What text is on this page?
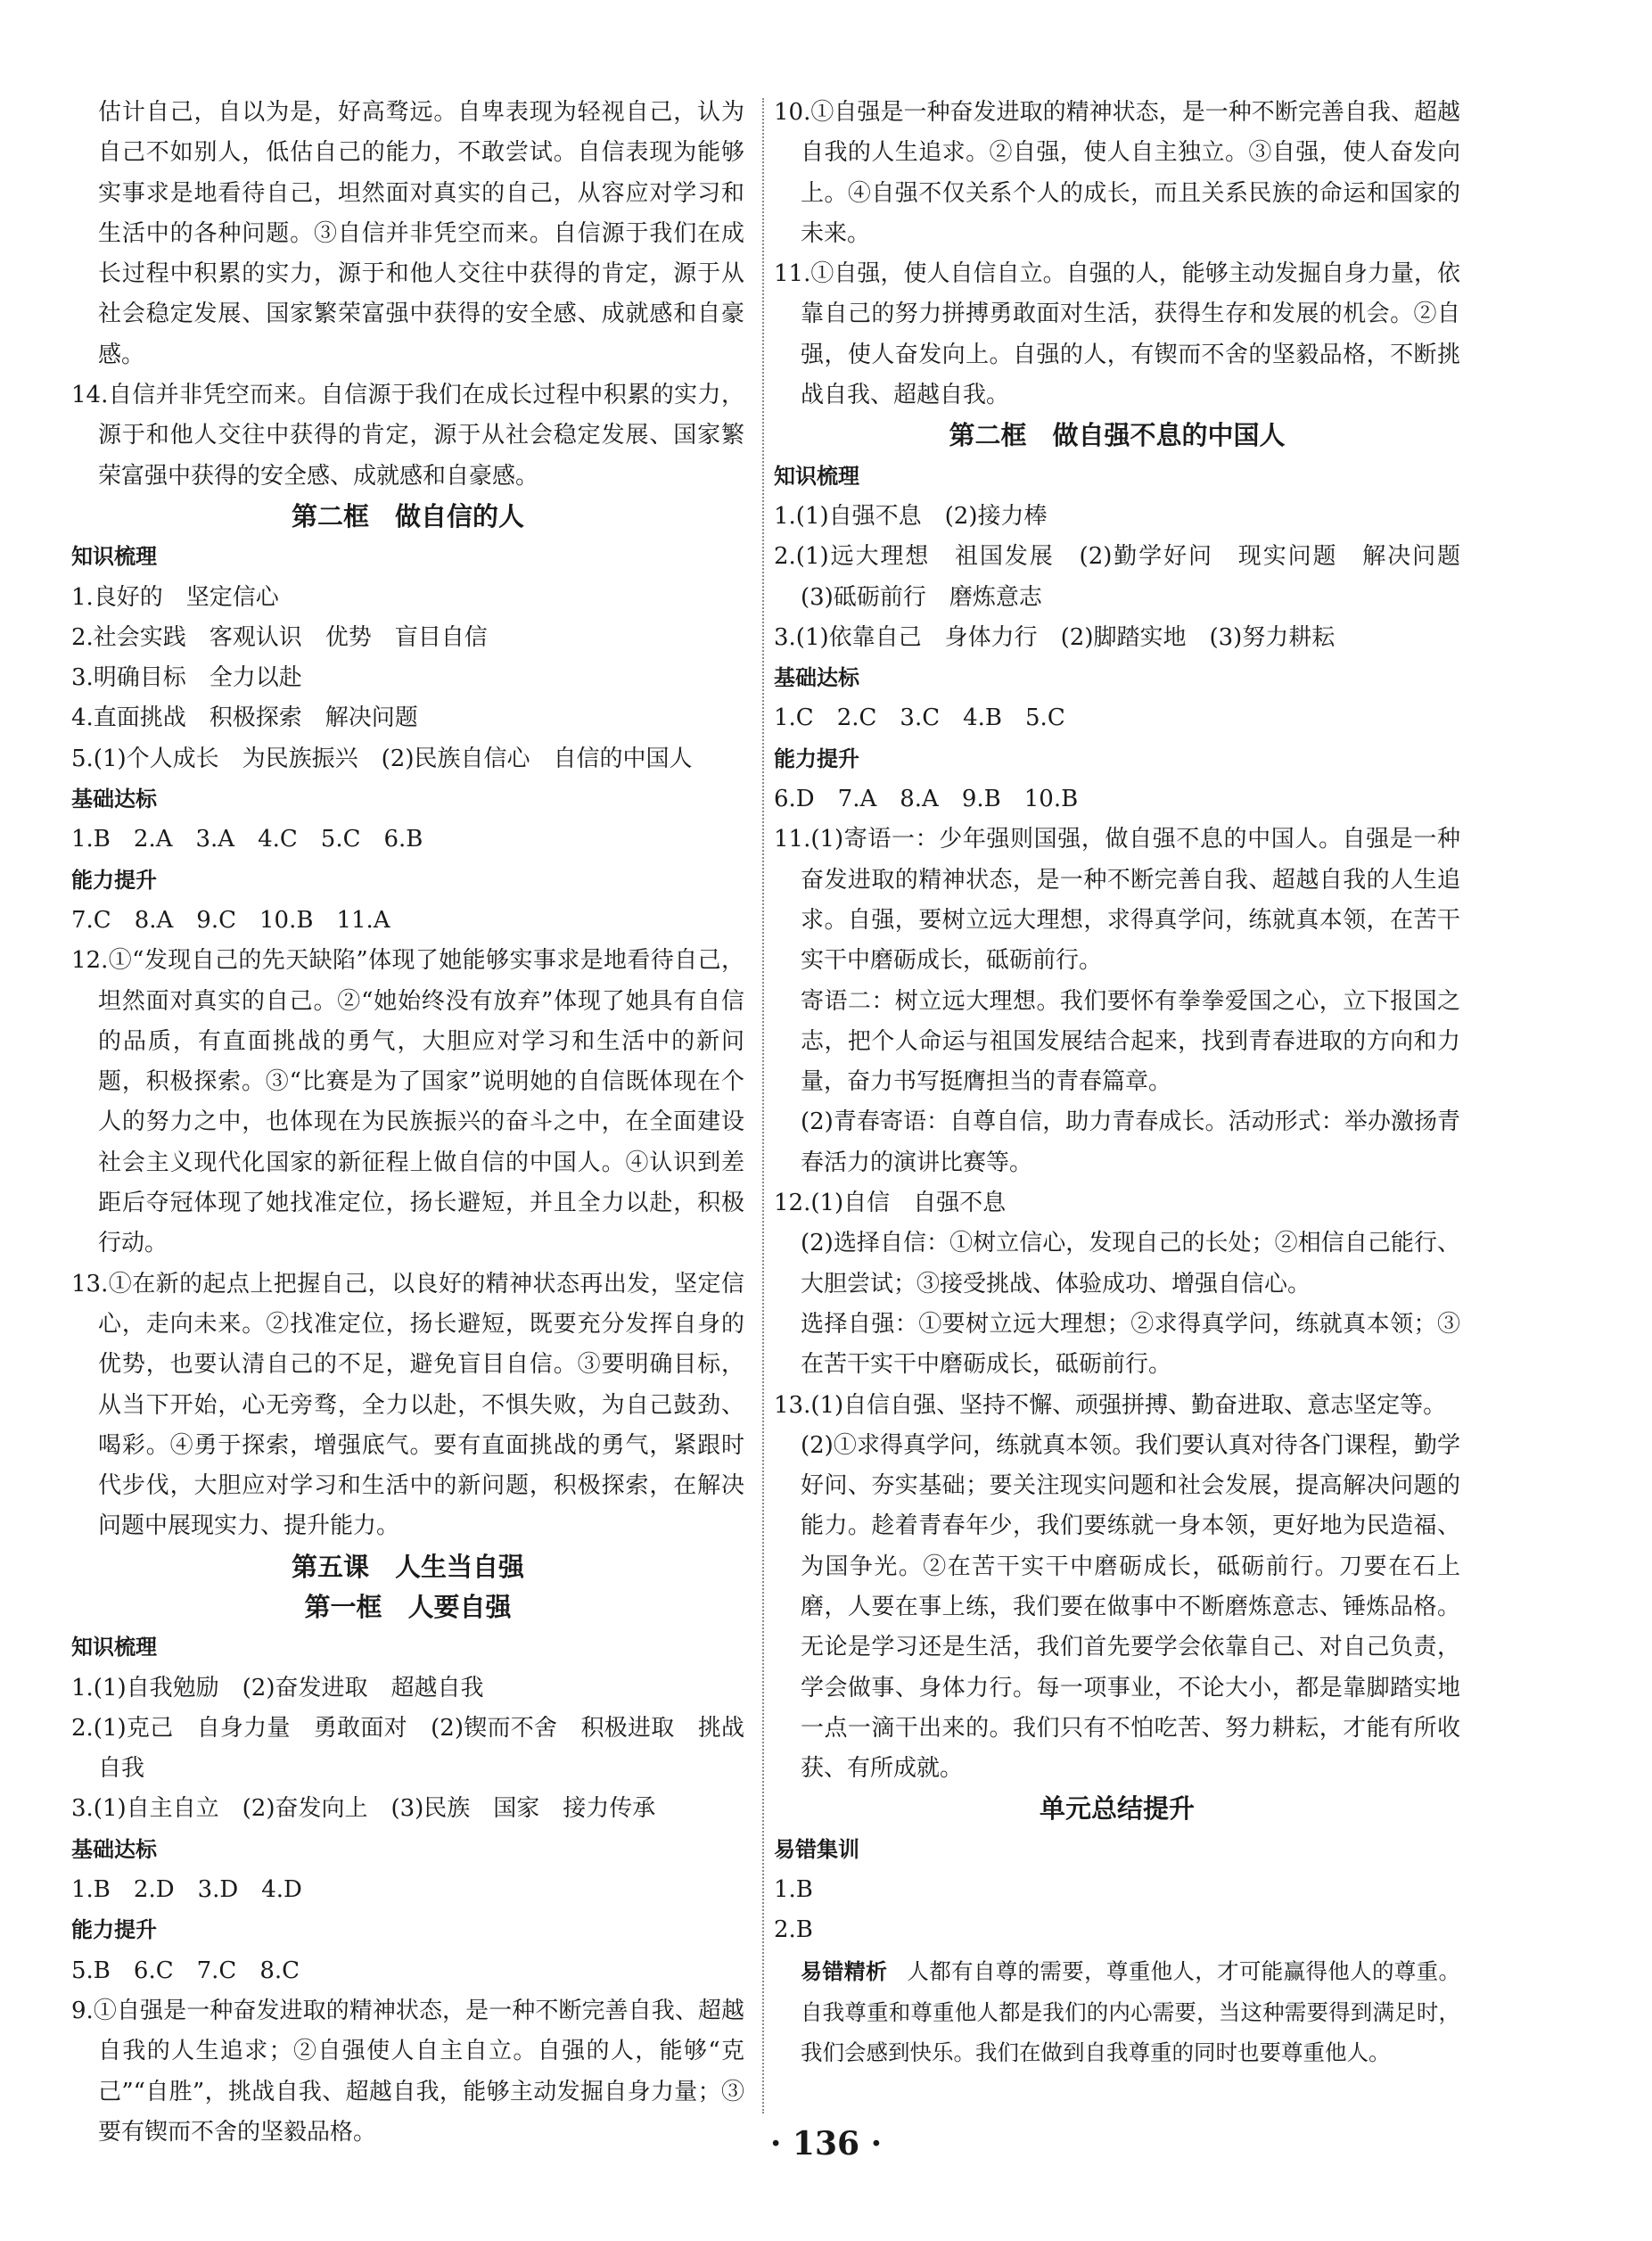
估计自己，自以为是，好高骛远。自卑表现为轻视自己，认为自己不如别人，低估自己的能力，不敢尝试。自信表现为能够实事求是地看待自己，坦然面对真实的自己，从容应对学习和生活中的各种问题。③自信并非凭空而来。自信源于我们在成长过程中积累的实力，源于和他人交往中获得的肯定，源于从社会稳定发展、国家繁荣富强中获得的安全感、成就感和自豪感。
14.自信并非凭空而来。自信源于我们在成长过程中积累的实力，源于和他人交往中获得的肯定，源于从社会稳定发展、国家繁荣富强中获得的安全感、成就感和自豪感。
第二框　做自信的人
知识梳理
1.良好的　坚定信心
2.社会实践　客观认识　优势　盲目自信
3.明确目标　全力以赴
4.直面挑战　积极探索　解决问题
5.(1)个人成长　为民族振兴　(2)民族自信心　自信的中国人
基础达标
1.B　2.A　3.A　4.C　5.C　6.B
能力提升
7.C　8.A　9.C　10.B　11.A
12.①“发现自己的先天缺陷”体现了她能够实事求是地看待自己，坦然面对真实的自己。②“她始终没有放弃”体现了她具有自信的品质，有直面挑战的勇气，大胆应对学习和生活中的新问题，积极探索。③“比赛是为了国家”说明她的自信既体现在个人的努力之中，也体现在为民族振兴的奋斗之中，在全面建设社会主义现代化国家的新征程上做自信的中国人。④认识到差距后夺冠体现了她找准定位，扬长避短，并且全力以赴，积极行动。
13.①在新的起点上把握自己，以良好的精神状态再出发，坚定信心，走向未来。②找准定位，扬长避短，既要充分发挥自身的优势，也要认清自己的不足，避免盲目自信。③要明确目标，从当下开始，心无旁骛，全力以赴，不惧失败，为自己鼓劲、喝彩。④勇于探索，增强底气。要有直面挑战的勇气，紧跟时代步伐，大胆应对学习和生活中的新问题，积极探索，在解决问题中展现实力、提升能力。
第五课　人生当自强
第一框　人要自强
知识梳理
1.(1)自我勉励　(2)奋发进取　超越自我
2.(1)克己　自身力量　勇敢面对　(2)锲而不舍　积极进取　挑战自我
3.(1)自主自立　(2)奋发向上　(3)民族　国家　接力传承
基础达标
1.B　2.D　3.D　4.D
能力提升
5.B　6.C　7.C　8.C
9.①自强是一种奋发进取的精神状态，是一种不断完善自我、超越自我的人生追求；②自强使人自主自立。自强的人，能够“克己”“自胜”，挑战自我、超越自我，能够主动发掘自身力量；③要有锲而不舍的坚毅品格。
10.①自强是一种奋发进取的精神状态，是一种不断完善自我、超越自我的人生追求。②自强，使人自主独立。③自强，使人奋发向上。④自强不仅关系个人的成长，而且关系民族的命运和国家的未来。
11.①自强，使人自信自立。自强的人，能够主动发掘自身力量，依靠自己的努力拼搏勇敢面对生活，获得生存和发展的机会。②自强，使人奋发向上。自强的人，有锲而不舍的坚毅品格，不断挑战自我、超越自我。
第二框　做自强不息的中国人
知识梳理
1.(1)自强不息　(2)接力棒
2.(1)远大理想　祖国发展　(2)勤学好问　现实问题　解决问题　(3)砥砺前行　磨炼意志
3.(1)依靠自己　身体力行　(2)脚踏实地　(3)努力耕耘
基础达标
1.C　2.C　3.C　4.B　5.C
能力提升
6.D　7.A　8.A　9.B　10.B
11.(1)寄语一：少年强则国强，做自强不息的中国人。自强是一种奋发进取的精神状态，是一种不断完善自我、超越自我的人生追求。自强，要树立远大理想，求得真学问，练就真本领，在苦干实干中磨砺成长，砥砺前行。
寄语二：树立远大理想。我们要怀有拳拳爱国之心，立下报国之志，把个人命运与祖国发展结合起来，找到青春进取的方向和力量，奋力书写挺膺担当的青春篇章。
(2)青春寄语：自尊自信，助力青春成长。活动形式：举办激扬青春活力的演讲比赛等。
12.(1)自信　自强不息
(2)选择自信：①树立信心，发现自己的长处；②相信自己能行、大胆尝试；③接受挑战、体验成功、增强自信心。
选择自强：①要树立远大理想；②求得真学问，练就真本领；③在苦干实干中磨砺成长，砥砺前行。
13.(1)自信自强、坚持不懈、顽强拼搏、勤奋进取、意志坚定等。
(2)①求得真学问，练就真本领。我们要认真对待各门课程，勤学好问、夯实基础；要关注现实问题和社会发展，提高解决问题的能力。趁着青春年少，我们要练就一身本领，更好地为民造福、为国争光。②在苦干实干中磨砺成长，砥砺前行。刀要在石上磨，人要在事上练，我们要在做事中不断磨炼意志、锤炼品格。无论是学习还是生活，我们首先要学会依靠自己、对自己负责，学会做事、身体力行。每一项事业，不论大小，都是靠脚踏实地一点一滴干出来的。我们只有不怕吃苦、努力耕耘，才能有所收获、有所成就。
单元总结提升
易错集训
1.B
2.B
易错精析 人都有自尊的需要，尊重他人，才可能赢得他人的尊重。自我尊重和尊重他人都是我们的内心需要，当这种需要得到满足时，我们会感到快乐。我们在做到自我尊重的同时也要尊重他人。
· 136 ·
